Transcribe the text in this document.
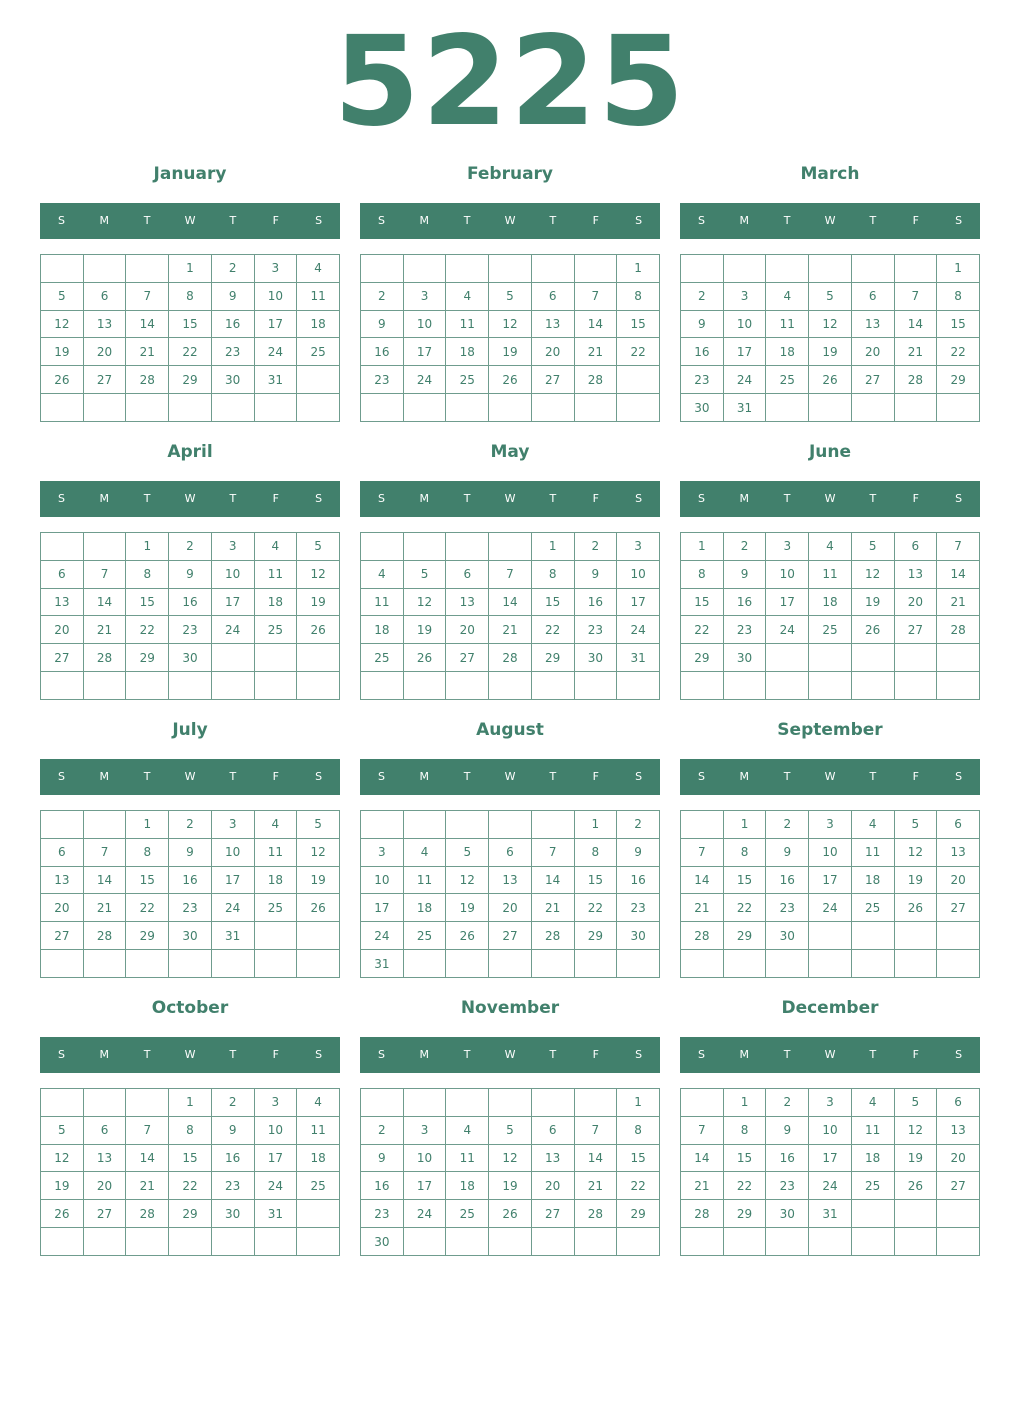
5225
January
S	M	T	W	T	F	S
			1	2	3	4
5	6	7	8	9	10	11
12	13	14	15	16	17	18
19	20	21	22	23	24	25
26	27	28	29	30	31	

February
S	M	T	W	T	F	S
						1
2	3	4	5	6	7	8
9	10	11	12	13	14	15
16	17	18	19	20	21	22
23	24	25	26	27	28	

March
S	M	T	W	T	F	S
						1
2	3	4	5	6	7	8
9	10	11	12	13	14	15
16	17	18	19	20	21	22
23	24	25	26	27	28	29
30	31					
April
S	M	T	W	T	F	S
		1	2	3	4	5
6	7	8	9	10	11	12
13	14	15	16	17	18	19
20	21	22	23	24	25	26
27	28	29	30			

May
S	M	T	W	T	F	S
				1	2	3
4	5	6	7	8	9	10
11	12	13	14	15	16	17
18	19	20	21	22	23	24
25	26	27	28	29	30	31

June
S	M	T	W	T	F	S
1	2	3	4	5	6	7
8	9	10	11	12	13	14
15	16	17	18	19	20	21
22	23	24	25	26	27	28
29	30					

July
S	M	T	W	T	F	S
		1	2	3	4	5
6	7	8	9	10	11	12
13	14	15	16	17	18	19
20	21	22	23	24	25	26
27	28	29	30	31		

August
S	M	T	W	T	F	S
					1	2
3	4	5	6	7	8	9
10	11	12	13	14	15	16
17	18	19	20	21	22	23
24	25	26	27	28	29	30
31						
September
S	M	T	W	T	F	S
	1	2	3	4	5	6
7	8	9	10	11	12	13
14	15	16	17	18	19	20
21	22	23	24	25	26	27
28	29	30				

October
S	M	T	W	T	F	S
			1	2	3	4
5	6	7	8	9	10	11
12	13	14	15	16	17	18
19	20	21	22	23	24	25
26	27	28	29	30	31	

November
S	M	T	W	T	F	S
						1
2	3	4	5	6	7	8
9	10	11	12	13	14	15
16	17	18	19	20	21	22
23	24	25	26	27	28	29
30						
December
S	M	T	W	T	F	S
	1	2	3	4	5	6
7	8	9	10	11	12	13
14	15	16	17	18	19	20
21	22	23	24	25	26	27
28	29	30	31			
